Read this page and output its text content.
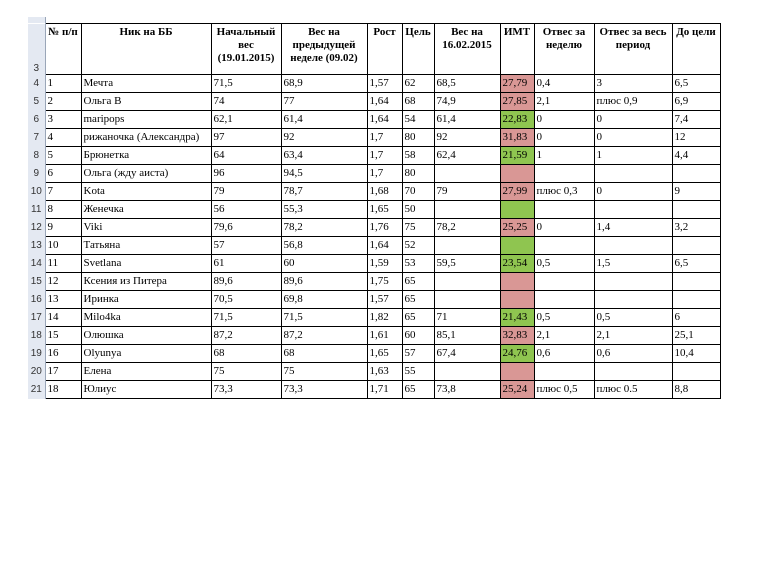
3	№ п/п	Ник на ББ	Начальный вес (19.01.2015)	Вес на предыдущей неделе (09.02)	Рост	Цель	Вес на 16.02.2015	ИМТ	Отвес за неделю	Отвес за весь период	До цели
4	1	Мечта	71,5	68,9	1,57	62	68,5	27,79	0,4	3	6,5
5	2	Ольга В	74	77	1,64	68	74,9	27,85	2,1	плюс 0,9	6,9
6	3	maripops	62,1	61,4	1,64	54	61,4	22,83	0	0	7,4
7	4	рижаночка (Александра)	97	92	1,7	80	92	31,83	0	0	12
8	5	Брюнетка	64	63,4	1,7	58	62,4	21,59	1	1	4,4
9	6	Ольга (жду аиста)	96	94,5	1,7	80					
10	7	Kota	79	78,7	1,68	70	79	27,99	плюс 0,3	0	9
11	8	Женечка	56	55,3	1,65	50					
12	9	Viki	79,6	78,2	1,76	75	78,2	25,25	0	1,4	3,2
13	10	Татьяна	57	56,8	1,64	52					
14	11	Svetlana	61	60	1,59	53	59,5	23,54	0,5	1,5	6,5
15	12	Ксения из Питера	89,6	89,6	1,75	65					
16	13	Иринка	70,5	69,8	1,57	65					
17	14	Milo4ka	71,5	71,5	1,82	65	71	21,43	0,5	0,5	6
18	15	Олюшка	87,2	87,2	1,61	60	85,1	32,83	2,1	2,1	25,1
19	16	Olyunya	68	68	1,65	57	67,4	24,76	0,6	0,6	10,4
20	17	Елена	75	75	1,63	55					
21	18	Юлиус	73,3	73,3	1,71	65	73,8	25,24	плюс 0,5	плюс 0.5	8,8
